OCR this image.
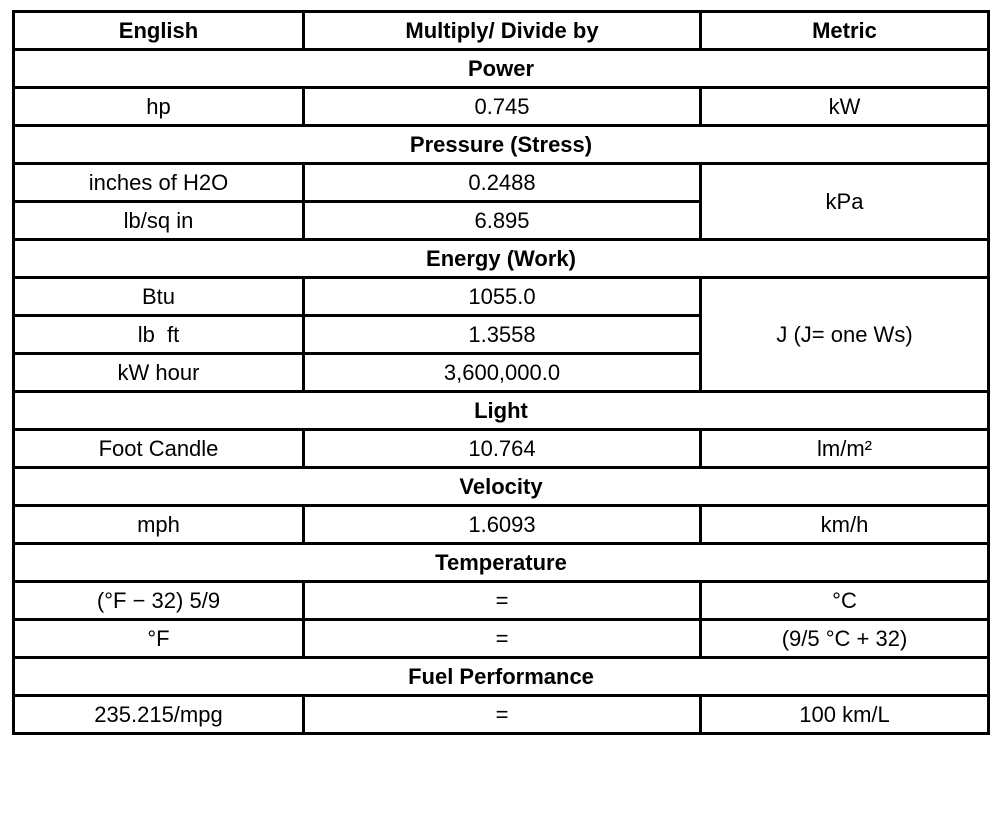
English	Multiply/ Divide by	Metric
Power		
hp	0.745	kW
Pressure (Stress)		
inches of H2O	0.2488	kPa
lb/sq in	6.895	
Energy (Work)		
Btu	1055.0	J (J= one Ws)
lb  ft	1.3558	
kW hour	3,600,000.0	
Light		
Foot Candle	10.764	lm/m²
Velocity		
mph	1.6093	km/h
Temperature		
(°F − 32) 5/9	=	°C
°F	=	(9/5 °C + 32)
Fuel Performance		
235.215/mpg	=	100 km/L
